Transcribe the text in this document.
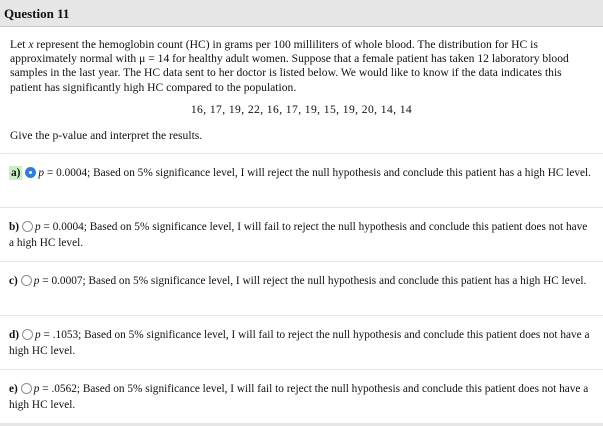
Question 11
Let x represent the hemoglobin count (HC) in grams per 100 milliliters of whole blood. The distribution for HC is approximately normal with μ = 14 for healthy adult women. Suppose that a female patient has taken 12 laboratory blood samples in the last year. The HC data sent to her doctor is listed below. We would like to know if the data indicates this patient has significantly high HC compared to the population.
16, 17, 19, 22, 16, 17, 19, 15, 19, 20, 14, 14
Give the p-value and interpret the results.
a) p = 0.0004; Based on 5% significance level, I will reject the null hypothesis and conclude this patient has a high HC level.
b) p = 0.0004; Based on 5% significance level, I will fail to reject the null hypothesis and conclude this patient does not have a high HC level.
c) p = 0.0007; Based on 5% significance level, I will reject the null hypothesis and conclude this patient has a high HC level.
d) p = .1053; Based on 5% significance level, I will fail to reject the null hypothesis and conclude this patient does not have a high HC level.
e) p = .0562; Based on 5% significance level, I will fail to reject the null hypothesis and conclude this patient does not have a high HC level.
